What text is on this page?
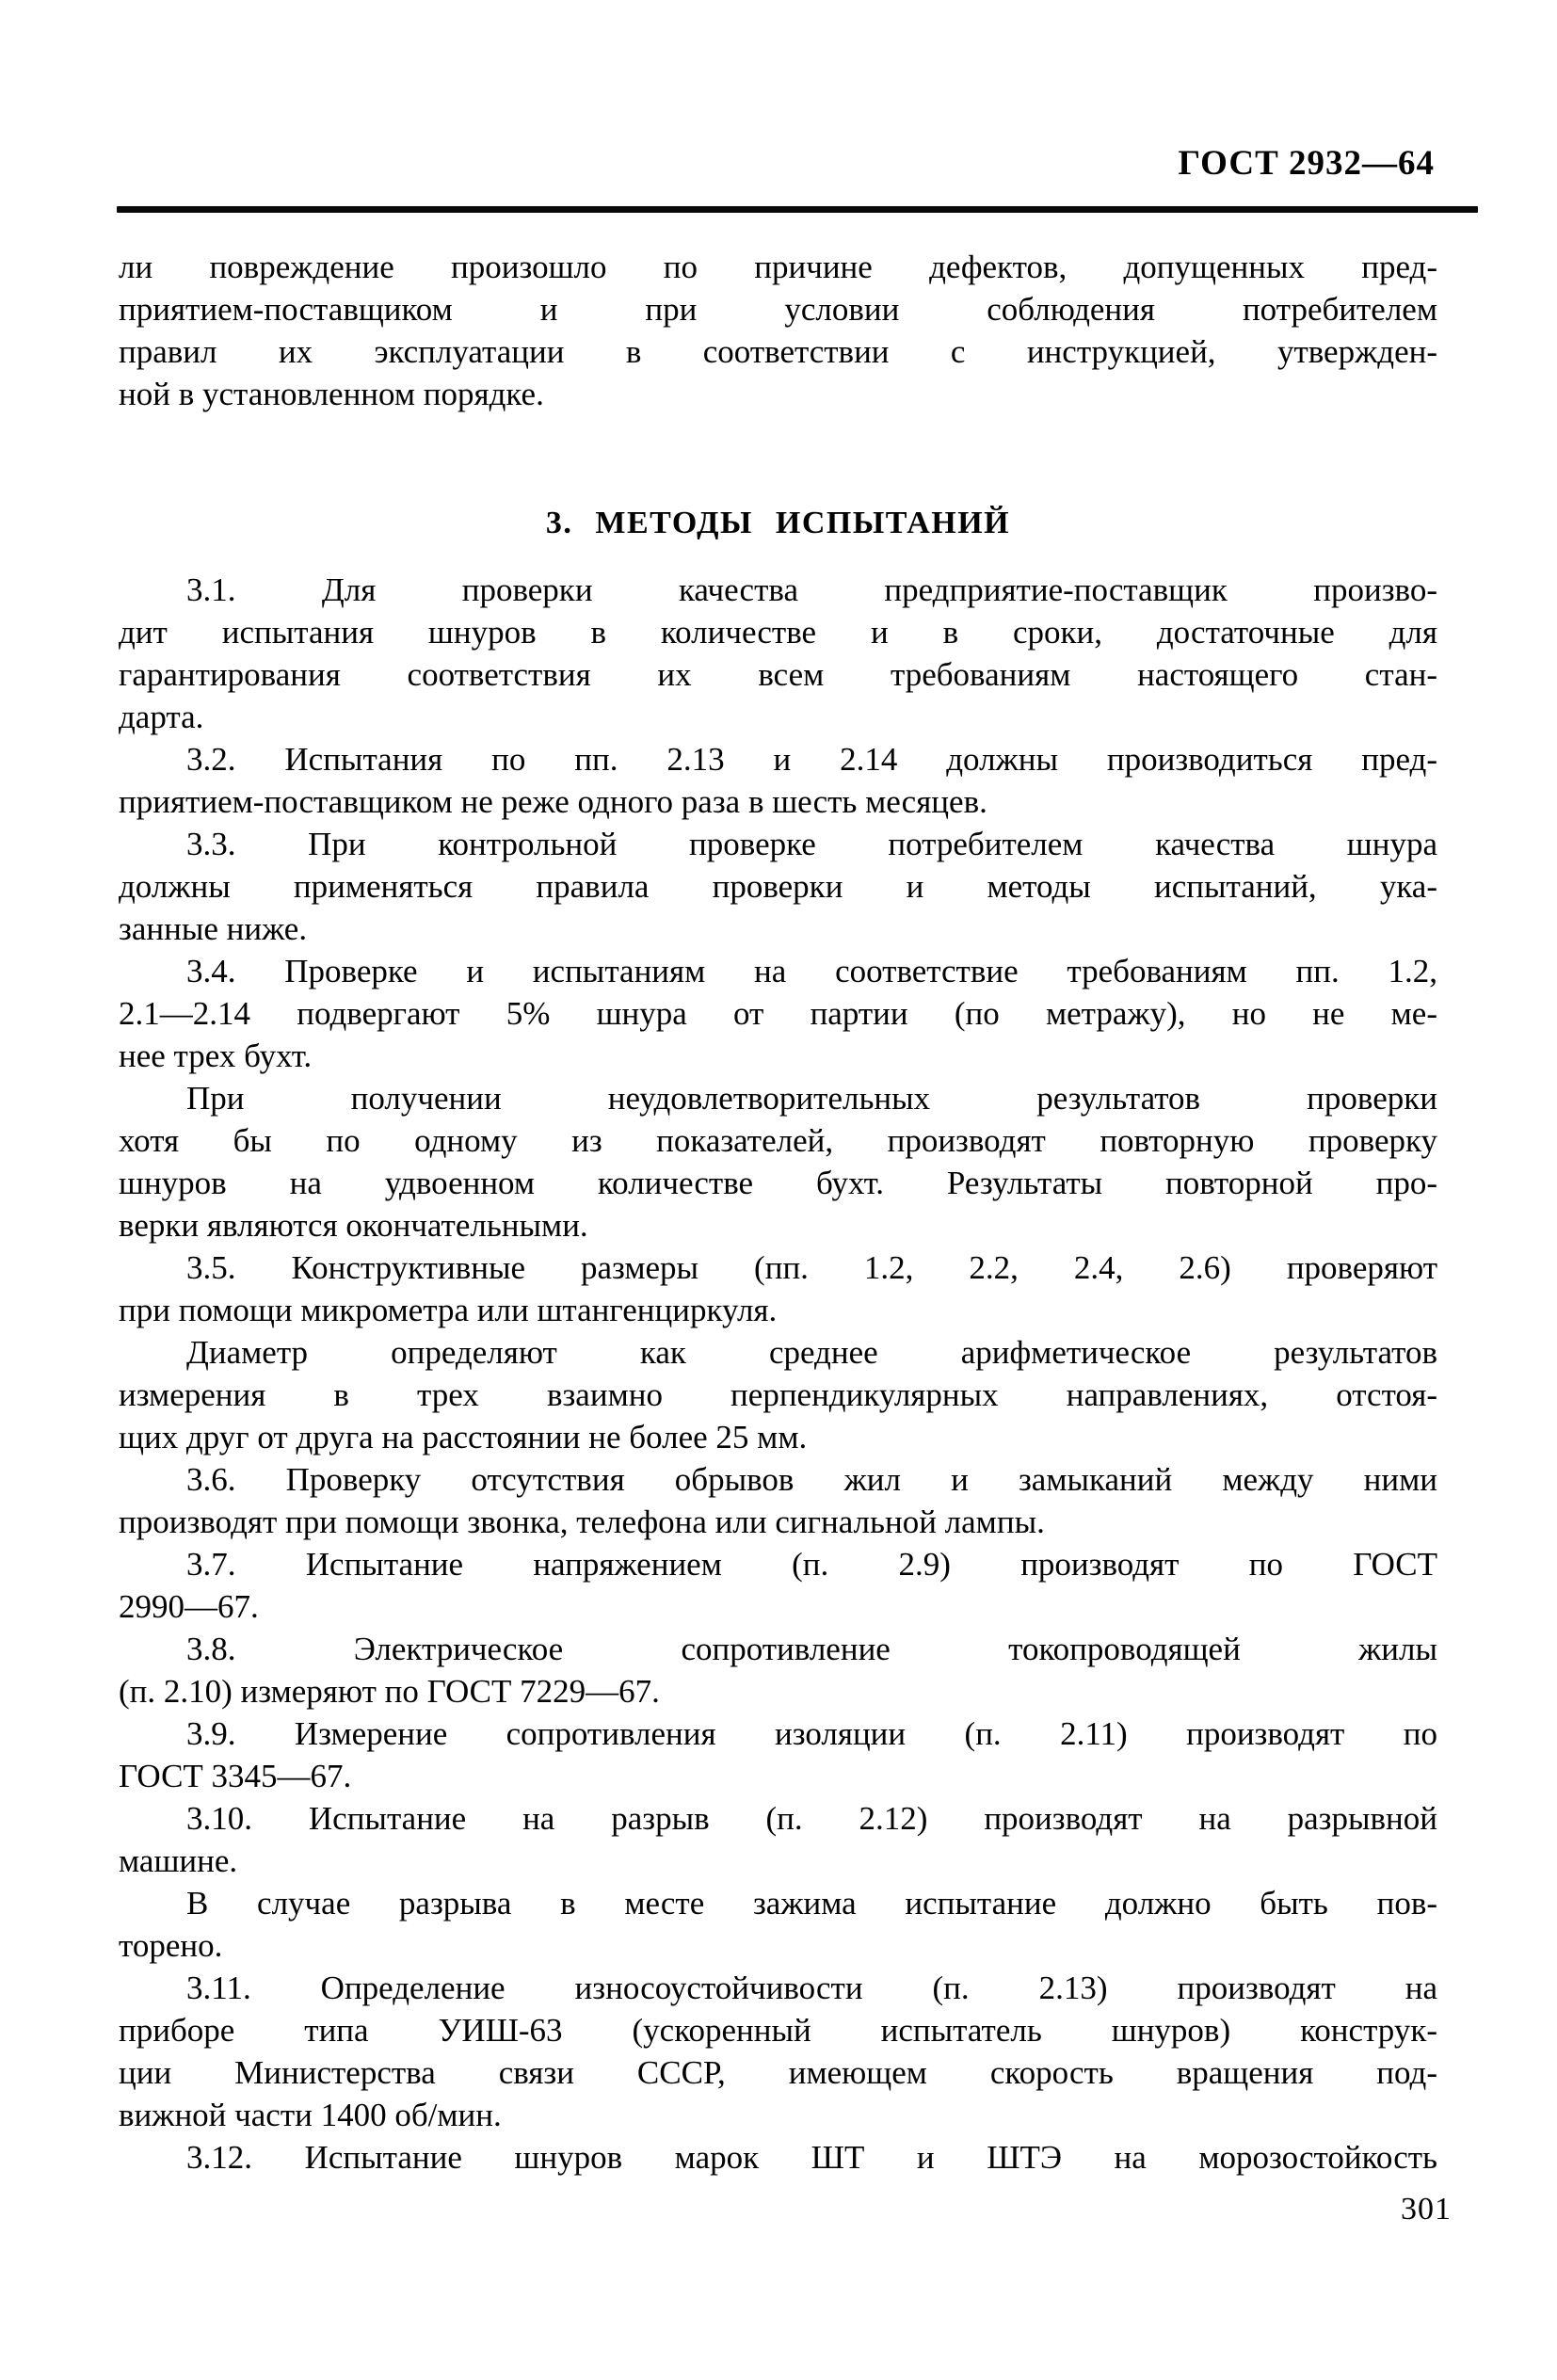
ГОСТ 2932—64
ли повреждение произошло по причине дефектов, допущенных пред-
приятием-поставщиком и при условии соблюдения потребителем
правил их эксплуатации в соответствии с инструкцией, утвержден-
ной в установленном порядке.
3. МЕТОДЫ ИСПЫТАНИЙ
3.1. Для проверки качества предприятие-поставщик произво-
дит испытания шнуров в количестве и в сроки, достаточные для
гарантирования соответствия их всем требованиям настоящего стан-
дарта.
3.2. Испытания по пп. 2.13 и 2.14 должны производиться пред-
приятием-поставщиком не реже одного раза в шесть месяцев.
3.3. При контрольной проверке потребителем качества шнура
должны применяться правила проверки и методы испытаний, ука-
занные ниже.
3.4. Проверке и испытаниям на соответствие требованиям пп. 1.2,
2.1—2.14 подвергают 5% шнура от партии (по метражу), но не ме-
нее трех бухт.
При получении неудовлетворительных результатов проверки
хотя бы по одному из показателей, производят повторную проверку
шнуров на удвоенном количестве бухт. Результаты повторной про-
верки являются окончательными.
3.5. Конструктивные размеры (пп. 1.2, 2.2, 2.4, 2.6) проверяют
при помощи микрометра или штангенциркуля.
Диаметр определяют как среднее арифметическое результатов
измерения в трех взаимно перпендикулярных направлениях, отстоя-
щих друг от друга на расстоянии не более 25 мм.
3.6. Проверку отсутствия обрывов жил и замыканий между ними
производят при помощи звонка, телефона или сигнальной лампы.
3.7. Испытание напряжением (п. 2.9) производят по ГОСТ
2990—67.
3.8. Электрическое сопротивление токопроводящей жилы
(п. 2.10) измеряют по ГОСТ 7229—67.
3.9. Измерение сопротивления изоляции (п. 2.11) производят по
ГОСТ 3345—67.
3.10. Испытание на разрыв (п. 2.12) производят на разрывной
машине.
В случае разрыва в месте зажима испытание должно быть пов-
торено.
3.11. Определение износоустойчивости (п. 2.13) производят на
приборе типа УИШ-63 (ускоренный испытатель шнуров) конструк-
ции Министерства связи СССР, имеющем скорость вращения под-
вижной части 1400 об/мин.
3.12. Испытание шнуров марок ШТ и ШТЭ на морозостойкость
301
